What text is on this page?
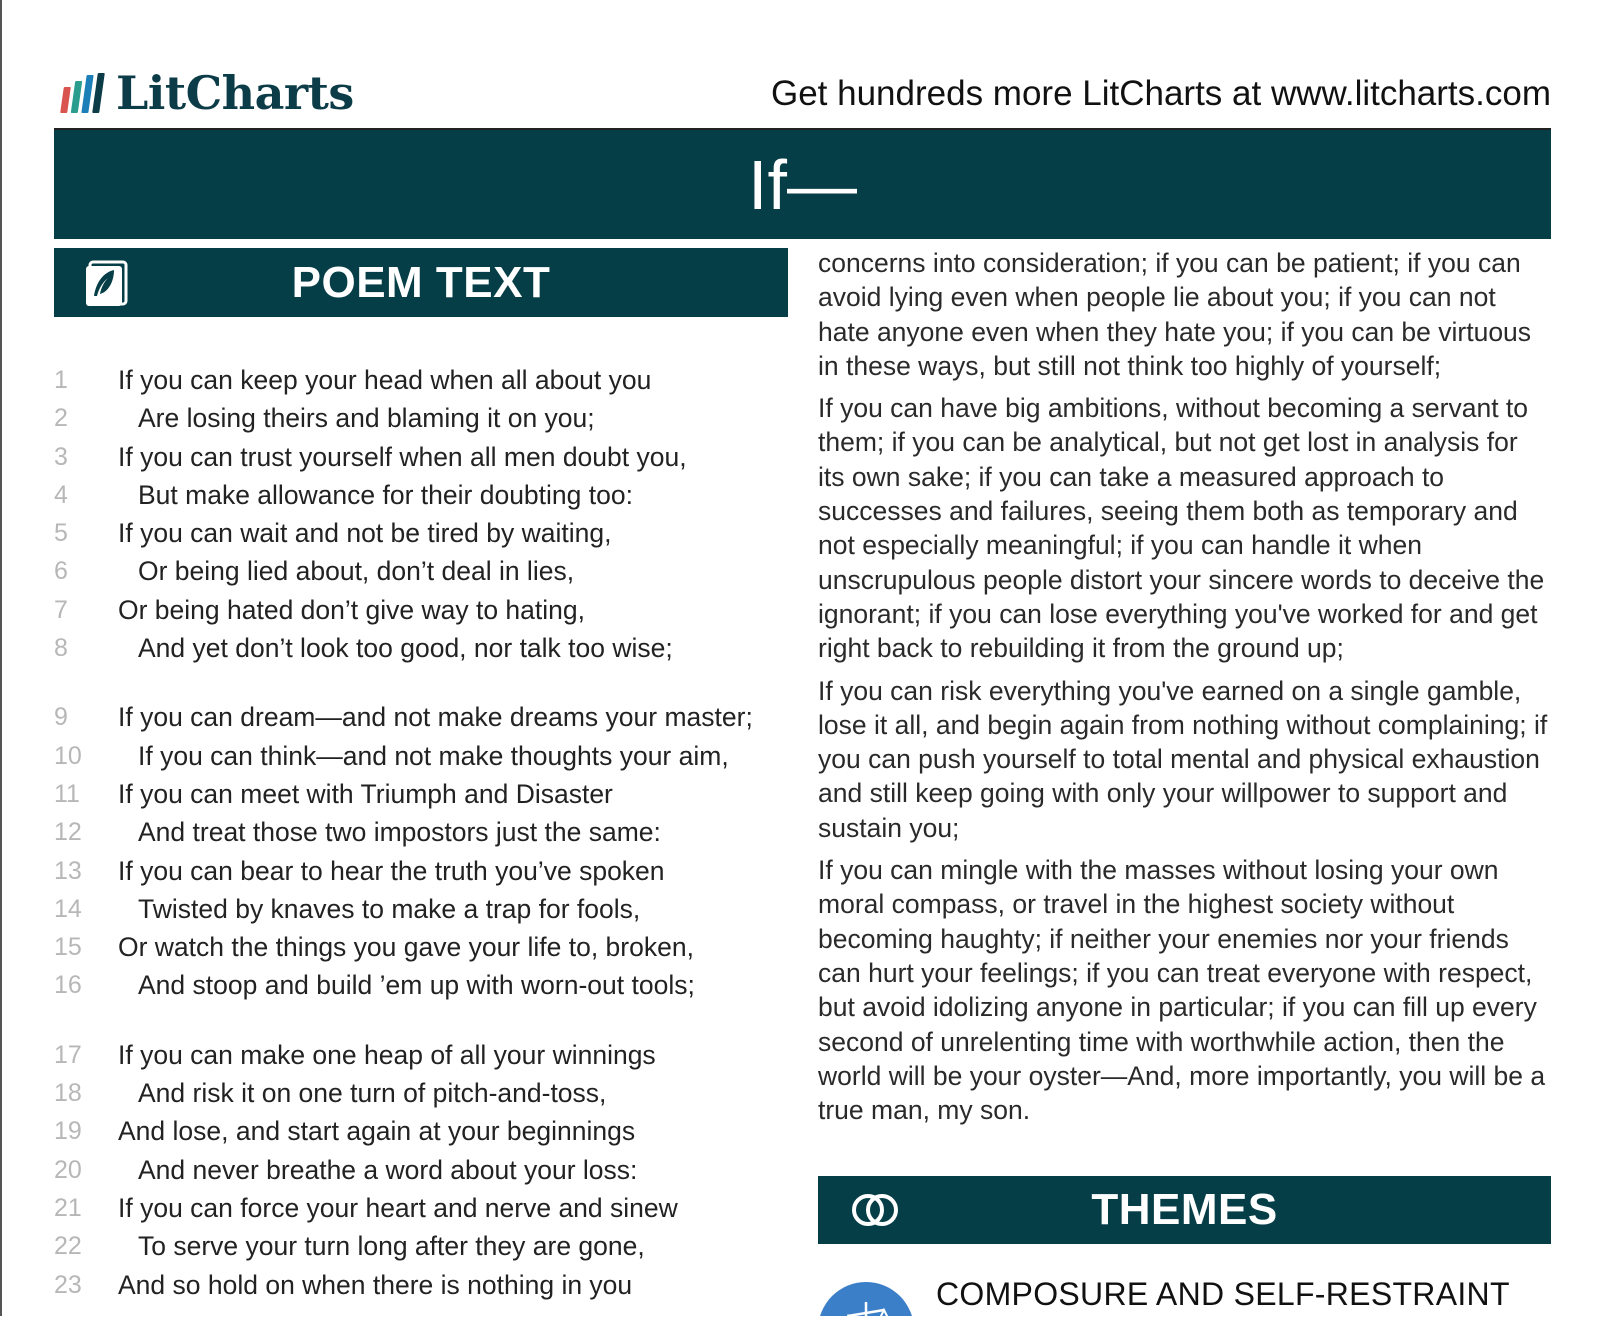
LitCharts	Get hundreds more LitCharts at www.litcharts.com
If—
POEM TEXT
1	If you can keep your head when all about you
2	Are losing theirs and blaming it on you;
3	If you can trust yourself when all men doubt you,
4	But make allowance for their doubting too:
5	If you can wait and not be tired by waiting,
6	Or being lied about, don’t deal in lies,
7	Or being hated don’t give way to hating,
8	And yet don’t look too good, nor talk too wise;
9	If you can dream—and not make dreams your master;
10	If you can think—and not make thoughts your aim,
11	If you can meet with Triumph and Disaster
12	And treat those two impostors just the same:
13	If you can bear to hear the truth you’ve spoken
14	Twisted by knaves to make a trap for fools,
15	Or watch the things you gave your life to, broken,
16	And stoop and build ’em up with worn-out tools;
17	If you can make one heap of all your winnings
18	And risk it on one turn of pitch-and-toss,
19	And lose, and start again at your beginnings
20	And never breathe a word about your loss:
21	If you can force your heart and nerve and sinew
22	To serve your turn long after they are gone,
23	And so hold on when there is nothing in you

concerns into consideration; if you can be patient; if you can avoid lying even when people lie about you; if you can not hate anyone even when they hate you; if you can be virtuous in these ways, but still not think too highly of yourself;

If you can have big ambitions, without becoming a servant to them; if you can be analytical, but not get lost in analysis for its own sake; if you can take a measured approach to successes and failures, seeing them both as temporary and not especially meaningful; if you can handle it when unscrupulous people distort your sincere words to deceive the ignorant; if you can lose everything you've worked for and get right back to rebuilding it from the ground up;

If you can risk everything you've earned on a single gamble, lose it all, and begin again from nothing without complaining; if you can push yourself to total mental and physical exhaustion and still keep going with only your willpower to support and sustain you;

If you can mingle with the masses without losing your own moral compass, or travel in the highest society without becoming haughty; if neither your enemies nor your friends can hurt your feelings; if you can treat everyone with respect, but avoid idolizing anyone in particular; if you can fill up every second of unrelenting time with worthwhile action, then the world will be your oyster—And, more importantly, you will be a true man, my son.

THEMES
COMPOSURE AND SELF-RESTRAINT
